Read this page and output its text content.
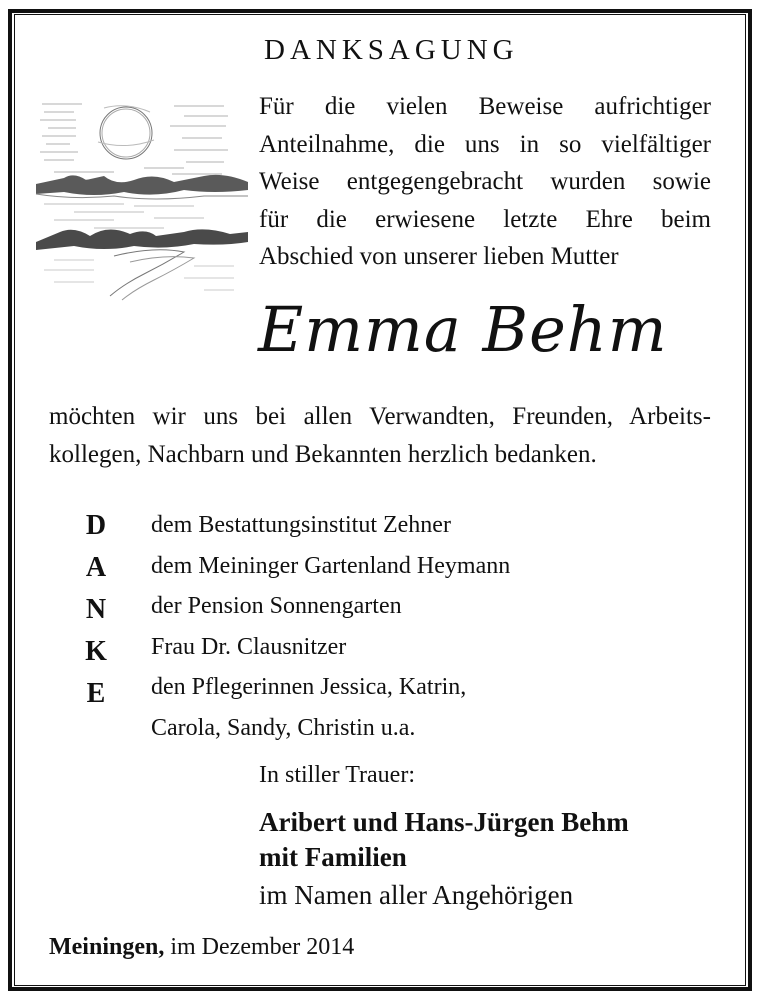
DANKSAGUNG
Für die vielen Beweise aufrichtiger
Anteilnahme, die uns in so vielfältiger
Weise entgegengebracht wurden sowie
für die erwiesene letzte Ehre beim
Abschied von unserer lieben Mutter
Emma Behm
möchten wir uns bei allen Verwandten, Freunden, Arbeits-
kollegen, Nachbarn und Bekannten herzlich bedanken.
D
A
N
K
E
dem Bestattungsinstitut Zehner
dem Meininger Gartenland Heymann
der Pension Sonnengarten
Frau Dr. Clausnitzer
den Pflegerinnen Jessica, Katrin,
Carola, Sandy, Christin u.a.
In stiller Trauer:
Aribert und Hans-Jürgen Behm
mit Familien
im Namen aller Angehörigen
Meiningen, im Dezember 2014
